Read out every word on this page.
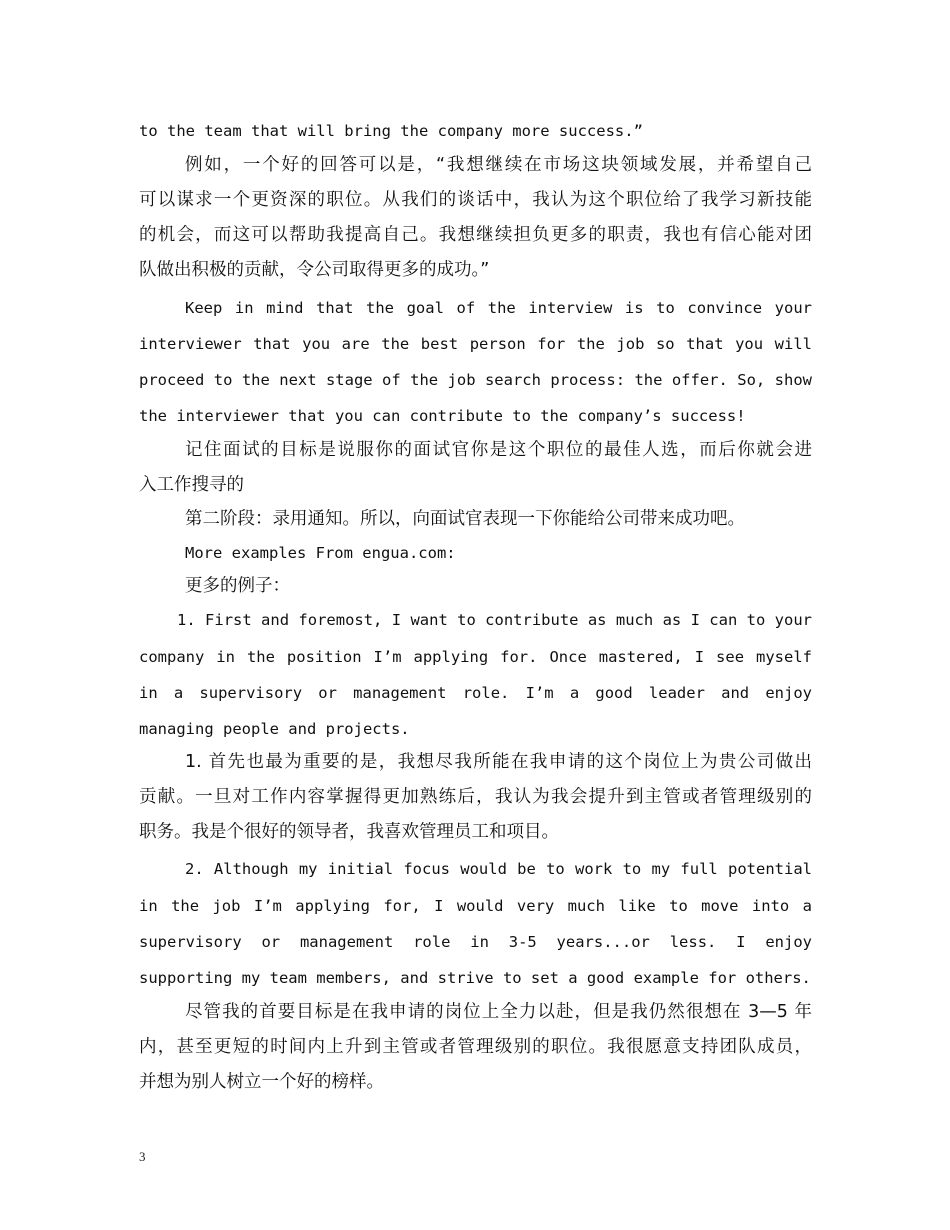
to the team that will bring the company more success.”
例如，一个好的回答可以是，“我想继续在市场这块领域发展，并希望自己
可以谋求一个更资深的职位。从我们的谈话中，我认为这个职位给了我学习新技能
的机会，而这可以帮助我提高自己。我想继续担负更多的职责，我也有信心能对团
队做出积极的贡献，令公司取得更多的成功。”
Keep in mind that the goal of the interview is to convince your
interviewer that you are the best person for the job so that you will
proceed to the next stage of the job search process: the offer. So, show
the interviewer that you can contribute to the company’s success!
记住面试的目标是说服你的面试官你是这个职位的最佳人选，而后你就会进
入工作搜寻的
第二阶段：录用通知。所以，向面试官表现一下你能给公司带来成功吧。
More examples From engua.com:
更多的例子：
1. First and foremost, I want to contribute as much as I can to your
company in the position I’m applying for. Once mastered, I see myself
in a supervisory or management role. I’m a good leader and enjoy
managing people and projects.
1. 首先也最为重要的是，我想尽我所能在我申请的这个岗位上为贵公司做出
贡献。一旦对工作内容掌握得更加熟练后，我认为我会提升到主管或者管理级别的
职务。我是个很好的领导者，我喜欢管理员工和项目。
2. Although my initial focus would be to work to my full potential
in the job I’m applying for, I would very much like to move into a
supervisory or management role in 3-5 years...or less. I enjoy
supporting my team members, and strive to set a good example for others.
尽管我的首要目标是在我申请的岗位上全力以赴，但是我仍然很想在 3—5 年
内，甚至更短的时间内上升到主管或者管理级别的职位。我很愿意支持团队成员，
并想为别人树立一个好的榜样。
3
